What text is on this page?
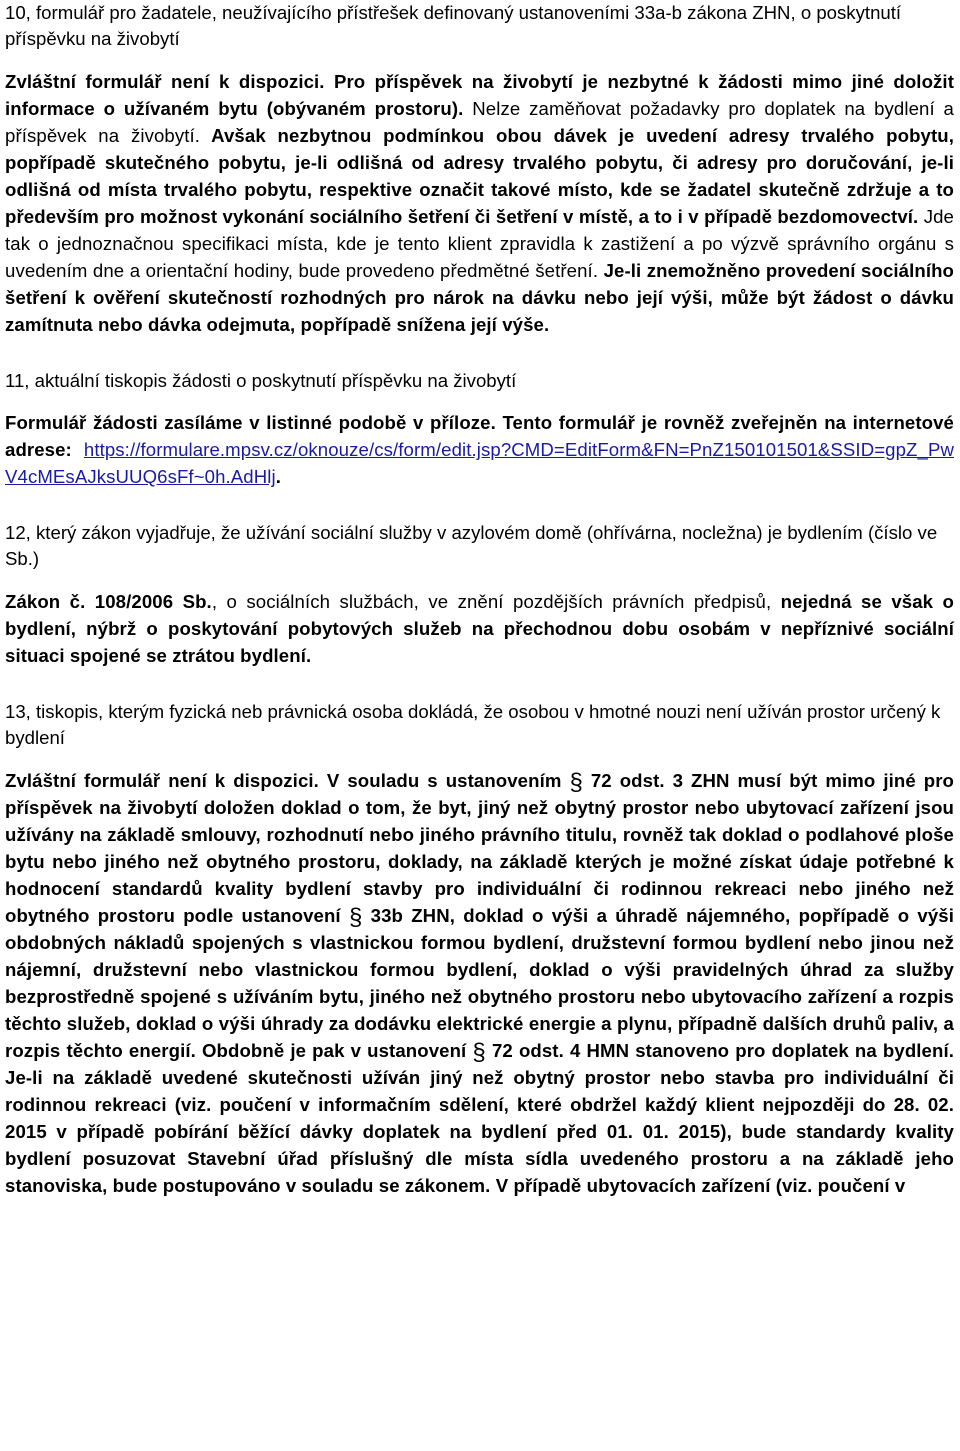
10, formulář pro žadatele, neužívajícího přístřešek definovaný ustanoveními 33a-b zákona ZHN, o poskytnutí příspěvku na živobytí

Zvláštní formulář není k dispozici. Pro příspěvek na živobytí je nezbytné k žádosti mimo jiné doložit informace o užívaném bytu (obývaném prostoru). Nelze zaměňovat požadavky pro doplatek na bydlení a příspěvek na živobytí. Avšak nezbytnou podmínkou obou dávek je uvedení adresy trvalého pobytu, popřípadě skutečného pobytu, je-li odlišná od adresy trvalého pobytu, či adresy pro doručování, je-li odlišná od místa trvalého pobytu, respektive označit takové místo, kde se žadatel skutečně zdržuje a to především pro možnost vykonání sociálního šetření či šetření v místě, a to i v případě bezdomovectví. Jde tak o jednoznačnou specifikaci místa, kde je tento klient zpravidla k zastižení a po výzvě správního orgánu s uvedením dne a orientační hodiny, bude provedeno předmětné šetření. Je-li znemožněno provedení sociálního šetření k ověření skutečností rozhodných pro nárok na dávku nebo její výši, může být žádost o dávku zamítnuta nebo dávka odejmuta, popřípadě snížena její výše.

11, aktuální tiskopis žádosti o poskytnutí příspěvku na živobytí

Formulář žádosti zasíláme v listinné podobě v příloze. Tento formulář je rovněž zveřejněn na internetové adrese: https://formulare.mpsv.cz/oknouze/cs/form/edit.jsp?CMD=EditForm&FN=PnZ150101501&SSID=gpZ_PwV4cMEsAJksUUQ6sFf~0h.AdHlj.

12, který zákon vyjadřuje, že užívání sociální služby v azylovém domě (ohřívárna, nocležna) je bydlením (číslo ve Sb.)

Zákon č. 108/2006 Sb., o sociálních službách, ve znění pozdějších právních předpisů, nejedná se však o bydlení, nýbrž o poskytování pobytových služeb na přechodnou dobu osobám v nepříznivé sociální situaci spojené se ztrátou bydlení.

13, tiskopis, kterým fyzická neb právnická osoba dokládá, že osobou v hmotné nouzi není užíván prostor určený k bydlení

Zvláštní formulář není k dispozici. V souladu s ustanovením § 72 odst. 3 ZHN musí být mimo jiné pro příspěvek na živobytí doložen doklad o tom, že byt, jiný než obytný prostor nebo ubytovací zařízení jsou užívány na základě smlouvy, rozhodnutí nebo jiného právního titulu, rovněž tak doklad o podlahové ploše bytu nebo jiného než obytného prostoru, doklady, na základě kterých je možné získat údaje potřebné k hodnocení standardů kvality bydlení stavby pro individuální či rodinnou rekreaci nebo jiného než obytného prostoru podle ustanovení § 33b ZHN, doklad o výši a úhradě nájemného, popřípadě o výši obdobných nákladů spojených s vlastnickou formou bydlení, družstevní formou bydlení nebo jinou než nájemní, družstevní nebo vlastnickou formou bydlení, doklad o výši pravidelných úhrad za služby bezprostředně spojené s užíváním bytu, jiného než obytného prostoru nebo ubytovacího zařízení a rozpis těchto služeb, doklad o výši úhrady za dodávku elektrické energie a plynu, případně dalších druhů paliv, a rozpis těchto energií. Obdobně je pak v ustanovení § 72 odst. 4 HMN stanoveno pro doplatek na bydlení. Je-li na základě uvedené skutečnosti užíván jiný než obytný prostor nebo stavba pro individuální či rodinnou rekreaci (viz. poučení v informačním sdělení, které obdržel každý klient nejpozději do 28. 02. 2015 v případě pobírání běžící dávky doplatek na bydlení před 01. 01. 2015), bude standardy kvality bydlení posuzovat Stavební úřad příslušný dle místa sídla uvedeného prostoru a na základě jeho stanoviska, bude postupováno v souladu se zákonem. V případě ubytovacích zařízení (viz. poučení v
